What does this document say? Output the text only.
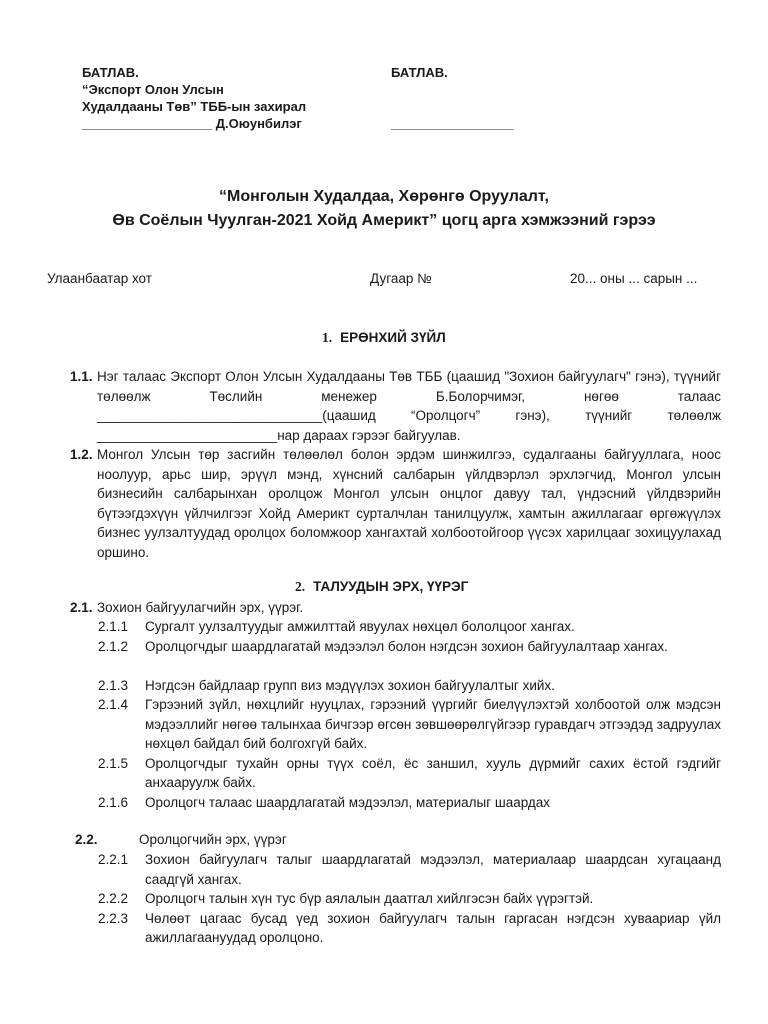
БАТЛАВ.
“Экспорт Олон Улсын
Худалдааны Төв” ТББ-ын захирал
__________________ Д.Оюунбилэг
БАТЛАВ.
_________________
“Монголын Худалдаа, Хөрөнгө Оруулалт,
Өв Соёлын Чуулган-2021 Хойд Америкт” цогц арга хэмжээний гэрээ
Улаанбаатар хот	Дугаар №	20... оны ... сарын ...
1. ЕРӨНХИЙ ЗҮЙЛ
1.1. Нэг талаас Экспорт Олон Улсын Худалдааны Төв ТББ (цаашид "Зохион байгуулагч" гэнэ), түүнийг төлөөлж Төслийн менежер Б.Болорчимэг, нөгөө талаас ______________________________(цаашид “Оролцогч” гэнэ), түүнийг төлөөлж ________________________нар дараах гэрээг байгуулав.
1.2. Монгол Улсын төр засгийн төлөөлөл болон эрдэм шинжилгээ, судалгааны байгууллага, ноос ноолуур, арьс шир, эрүүл мэнд, хүнсний салбарын үйлдвэрлэл эрхлэгчид, Монгол улсын бизнесийн салбарынхан оролцож Монгол улсын онцлог давуу тал, үндэсний үйлдвэрийн бүтээгдэхүүн үйлчилгээг Хойд Америкт сурталчлан танилцуулж, хамтын ажиллагааг өргөжүүлэх бизнес уулзалтуудад оролцох боломжоор хангахтай холбоотойгоор үүсэх харилцааг зохицуулахад оршино.
2. ТАЛУУДЫН ЭРХ, ҮҮРЭГ
2.1. Зохион байгуулагчийн эрх, үүрэг.
2.1.1 Сургалт уулзалтуудыг амжилттай явуулах нөхцөл бололцоог хангах.
2.1.2 Оролцогчдыг шаардлагатай мэдээлэл болон нэгдсэн зохион байгуулалтаар хангах.
2.1.3 Нэгдсэн байдлаар групп виз мэдүүлэх зохион байгуулалтыг хийх.
2.1.4 Гэрээний зүйл, нөхцлийг нууцлах, гэрээний үүргийг биелүүлэхтэй холбоотой олж мэдсэн мэдээллийг нөгөө талынхаа бичгээр өгсөн зөвшөөрөлгүйгээр гуравдагч этгээдэд задруулах нөхцөл байдал бий болгохгүй байх.
2.1.5 Оролцогчдыг тухайн орны түүх соёл, ёс заншил, хууль дүрмийг сахих ёстой гэдгийг анхааруулж байх.
2.1.6 Оролцогч талаас шаардлагатай мэдээлэл, материалыг шаардах
2.2.	Оролцогчийн эрх, үүрэг
2.2.1 Зохион байгуулагч талыг шаардлагатай мэдээлэл, материалаар шаардсан хугацаанд саадгүй хангах.
2.2.2 Оролцогч талын хүн тус бүр аялалын даатгал хийлгэсэн байх үүрэгтэй.
2.2.3 Чөлөөт цагаас бусад үед зохион байгуулагч талын гаргасан нэгдсэн хуваариар үйл ажиллагаануудад оролцоно.
